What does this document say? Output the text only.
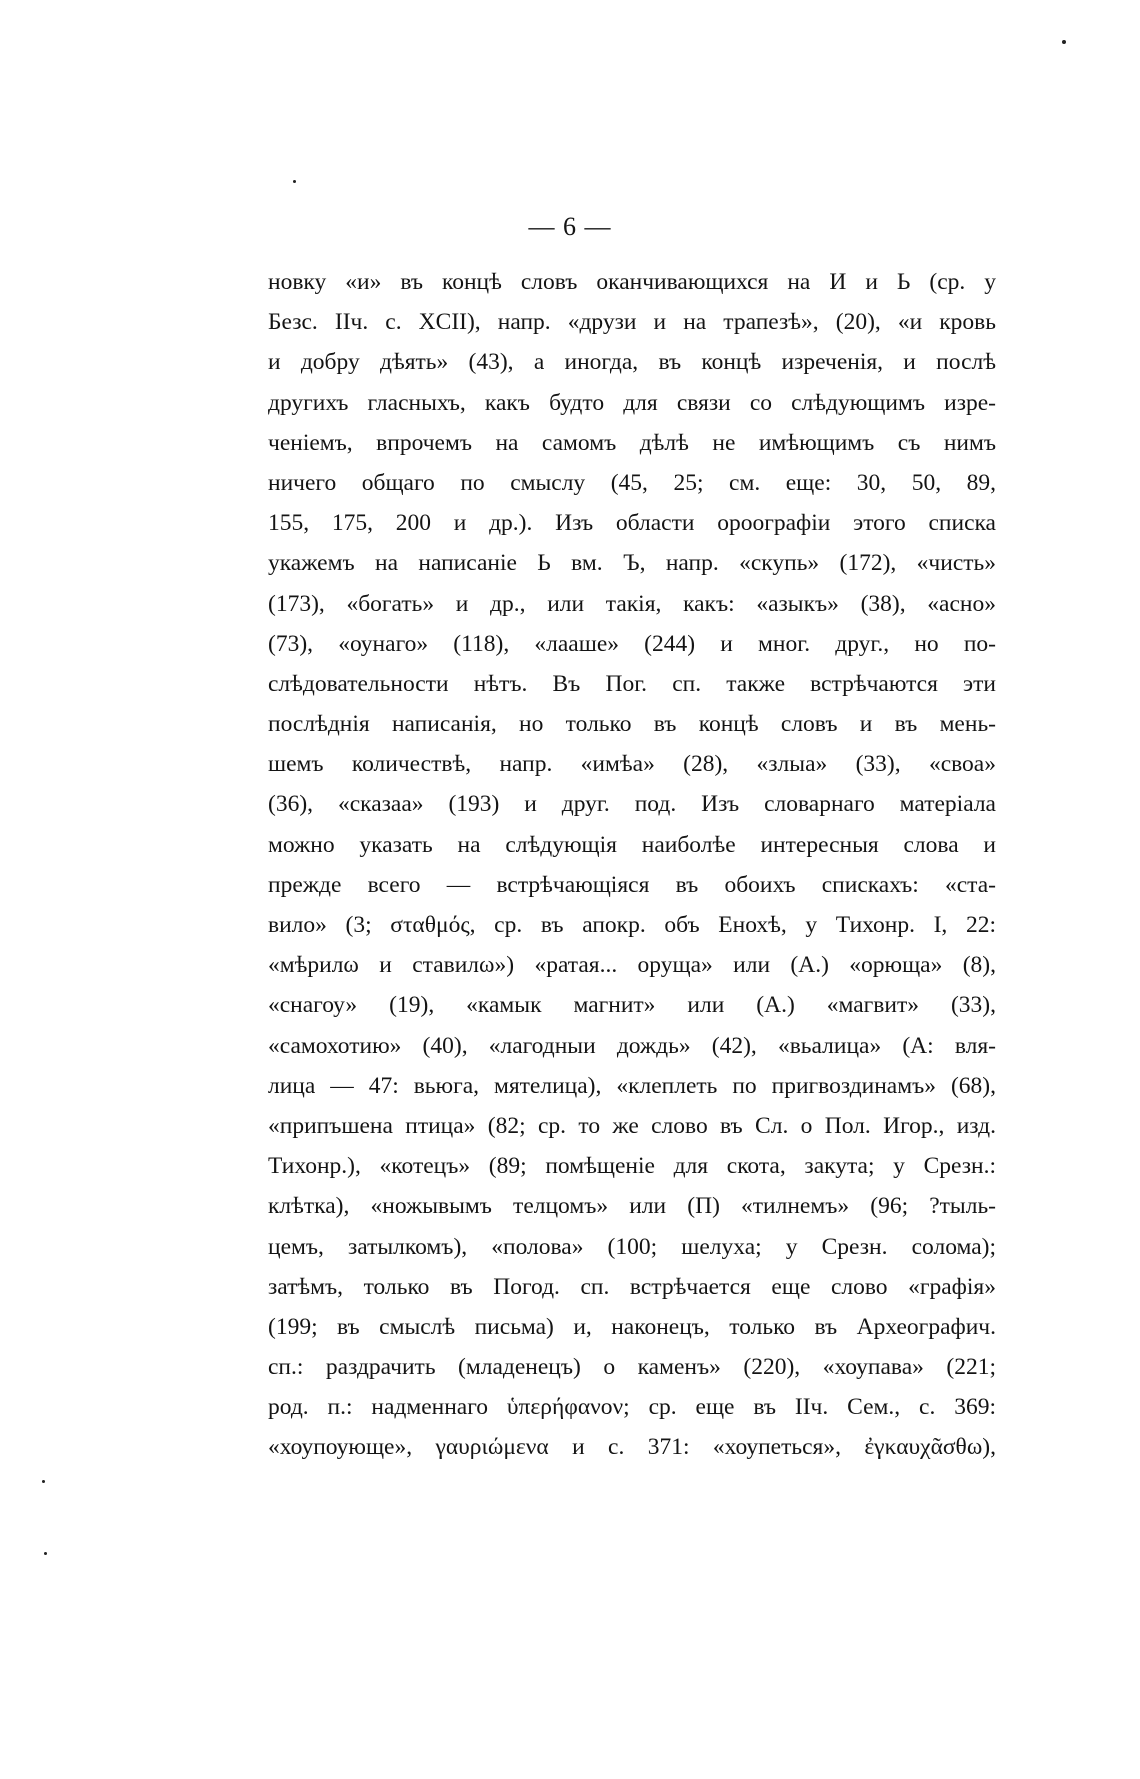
— 6 —
новку «и» въ концѣ словъ оканчивающихся на И и Ь (ср. у
Безс. IIч. с. XCII), напр. «друзи и на трапезѣ», (20), «и кровь
и добру дѣять» (43), а иногда, въ концѣ изреченія, и послѣ
другихъ гласныхъ, какъ будто для связи со слѣдующимъ изре-
ченіемъ, впрочемъ на самомъ дѣлѣ не имѣющимъ съ нимъ
ничего общаго по смыслу (45, 25; см. еще: 30, 50, 89,
155, 175, 200 и др.). Изъ области ороографіи этого списка
укажемъ на написаніе Ь вм. Ъ, напр. «скупь» (172), «чисть»
(173), «богать» и др., или такія, какъ: «азыкъ» (38), «асно»
(73), «оунаго» (118), «лааше» (244) и мног. друг., но по-
слѣдовательности нѣтъ. Въ Пог. сп. также встрѣчаются эти
послѣднія написанія, но только въ концѣ словъ и въ мень-
шемъ количествѣ, напр. «имѣа» (28), «злыа» (33), «своа»
(36), «сказаа» (193) и друг. под. Изъ словарнаго матеріала
можно указать на слѣдующія наиболѣе интересныя слова и
прежде всего — встрѣчающіяся въ обоихъ спискахъ: «ста-
вило» (3; σταθμός, ср. въ апокр. объ Енохѣ, у Тихонр. I, 22:
«мѣрилω и ставилω») «ратая... оруща» или (А.) «орюща» (8),
«снагоу» (19), «камык магнит» или (А.) «магвит» (33),
«самохотию» (40), «лагодныи дождь» (42), «вьалица» (А: вля-
лица — 47: вьюга, мятелица), «клеплеть по пригвоздинамъ» (68),
«припъшена птица» (82; ср. то же слово въ Сл. о Пол. Игор., изд.
Тихонр.), «котецъ» (89; помѣщеніе для скота, закута; у Срезн.:
клѣтка), «ножывымъ телцомъ» или (П) «тилнемъ» (96; ?тыль-
цемъ, затылкомъ), «полова» (100; шелуха; у Срезн. солома);
затѣмъ, только въ Погод. сп. встрѣчается еще слово «графія»
(199; въ смыслѣ письма) и, наконецъ, только въ Археографич.
сп.: раздрачить (младенецъ) о каменъ» (220), «хоупава» (221;
род. п.: надменнаго ὑπερήφανον; ср. еще въ IIч. Сем., с. 369:
«хоупоующе», γαυριώμενα и с. 371: «хоупеться», ἐγκαυχᾶσθω),
